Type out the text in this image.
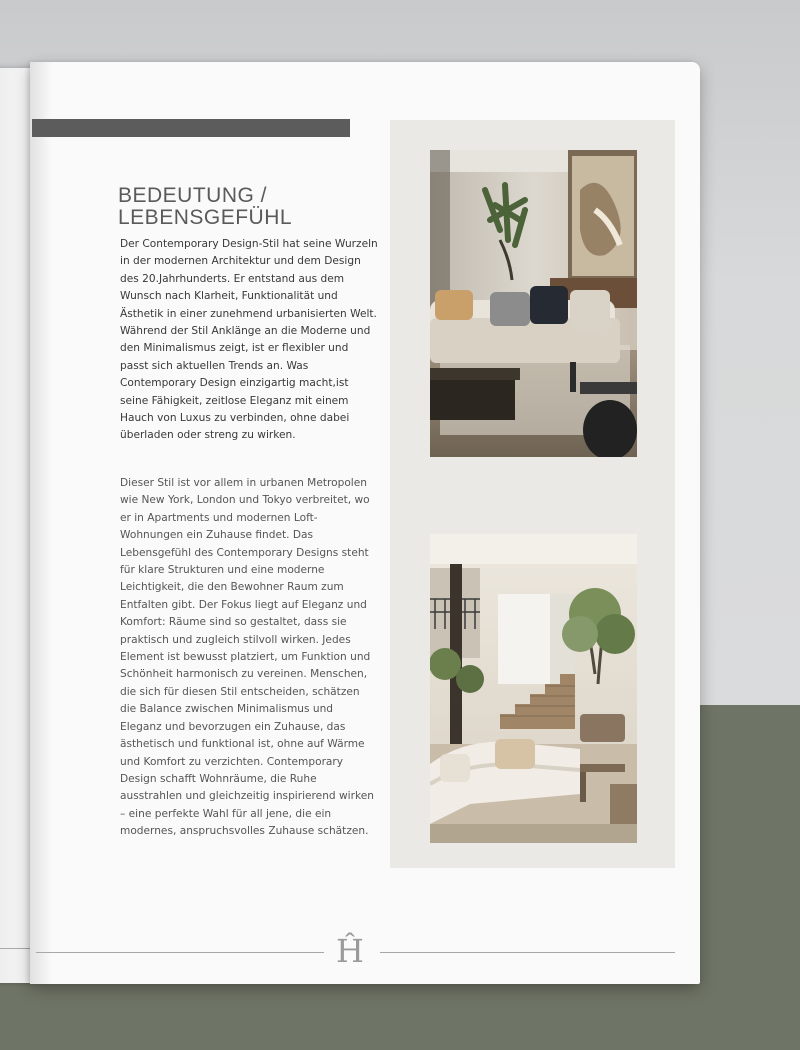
BEDEUTUNG / LEBENSGEFÜHL

Der Contemporary Design-Stil hat seine Wurzeln in der modernen Architektur und dem Design des 20.Jahrhunderts. Er entstand aus dem Wunsch nach Klarheit, Funktionalität und Ästhetik in einer zunehmend urbanisierten Welt. Während der Stil Anklänge an die Moderne und den Minimalismus zeigt, ist er flexibler und passt sich aktuellen Trends an. Was Contemporary Design einzigartig macht,ist seine Fähigkeit, zeitlose Eleganz mit einem Hauch von Luxus zu verbinden, ohne dabei überladen oder streng zu wirken.

Dieser Stil ist vor allem in urbanen Metropolen wie New York, London und Tokyo verbreitet, wo er in Apartments und modernen Loft-Wohnungen ein Zuhause findet. Das Lebensgefühl des Contemporary Designs steht für klare Strukturen und eine moderne Leichtigkeit, die den Bewohner Raum zum Entfalten gibt. Der Fokus liegt auf Eleganz und Komfort: Räume sind so gestaltet, dass sie praktisch und zugleich stilvoll wirken. Jedes Element ist bewusst platziert, um Funktion und Schönheit harmonisch zu vereinen. Menschen, die sich für diesen Stil entscheiden, schätzen die Balance zwischen Minimalismus und Eleganz und bevorzugen ein Zuhause, das ästhetisch und funktional ist, ohne auf Wärme und Komfort zu verzichten. Contemporary Design schafft Wohnräume, die Ruhe ausstrahlen und gleichzeitig inspirierend wirken – eine perfekte Wahl für all jene, die ein modernes, anspruchsvolles Zuhause schätzen.

Ĥ
